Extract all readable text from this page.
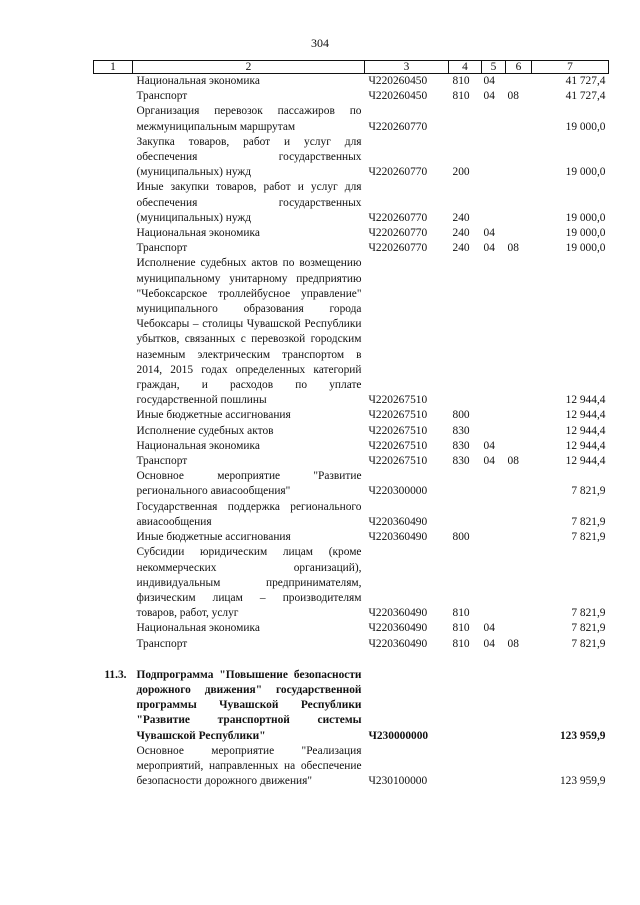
304
1	2	3	4	5	6	7
	Национальная экономика	Ч220260450	810	04		41 727,4
	Транспорт	Ч220260450	810	04	08	41 727,4
	Организация перевозок пассажиров по межмуниципальным маршрутам	Ч220260770				19 000,0
	Закупка товаров, работ и услуг для обеспечения государственных (муниципальных) нужд	Ч220260770	200			19 000,0
	Иные закупки товаров, работ и услуг для обеспечения государственных (муниципальных) нужд	Ч220260770	240			19 000,0
	Национальная экономика	Ч220260770	240	04		19 000,0
	Транспорт	Ч220260770	240	04	08	19 000,0
	Исполнение судебных актов по возмещению муниципальному унитарному предприятию "Чебоксарское троллейбусное управление" муниципального образования города Чебоксары – столицы Чувашской Республики убытков, связанных с перевозкой городским наземным электрическим транспортом в 2014, 2015 годах определенных категорий граждан, и расходов по уплате государственной пошлины	Ч220267510				12 944,4
	Иные бюджетные ассигнования	Ч220267510	800			12 944,4
	Исполнение судебных актов	Ч220267510	830			12 944,4
	Национальная экономика	Ч220267510	830	04		12 944,4
	Транспорт	Ч220267510	830	04	08	12 944,4
	Основное мероприятие "Развитие регионального авиасообщения"	Ч220300000				7 821,9
	Государственная поддержка регионального авиасообщения	Ч220360490				7 821,9
	Иные бюджетные ассигнования	Ч220360490	800			7 821,9
	Субсидии юридическим лицам (кроме некоммерческих организаций), индивидуальным предпринимателям, физическим лицам – производителям товаров, работ, услуг	Ч220360490	810			7 821,9
	Национальная экономика	Ч220360490	810	04		7 821,9
	Транспорт	Ч220360490	810	04	08	7 821,9

11.3.	Подпрограмма "Повышение безопасности дорожного движения" государственной программы Чувашской Республики "Развитие транспортной системы Чувашской Республики"	Ч230000000				123 959,9
	Основное мероприятие "Реализация мероприятий, направленных на обеспечение безопасности дорожного движения"	Ч230100000				123 959,9
